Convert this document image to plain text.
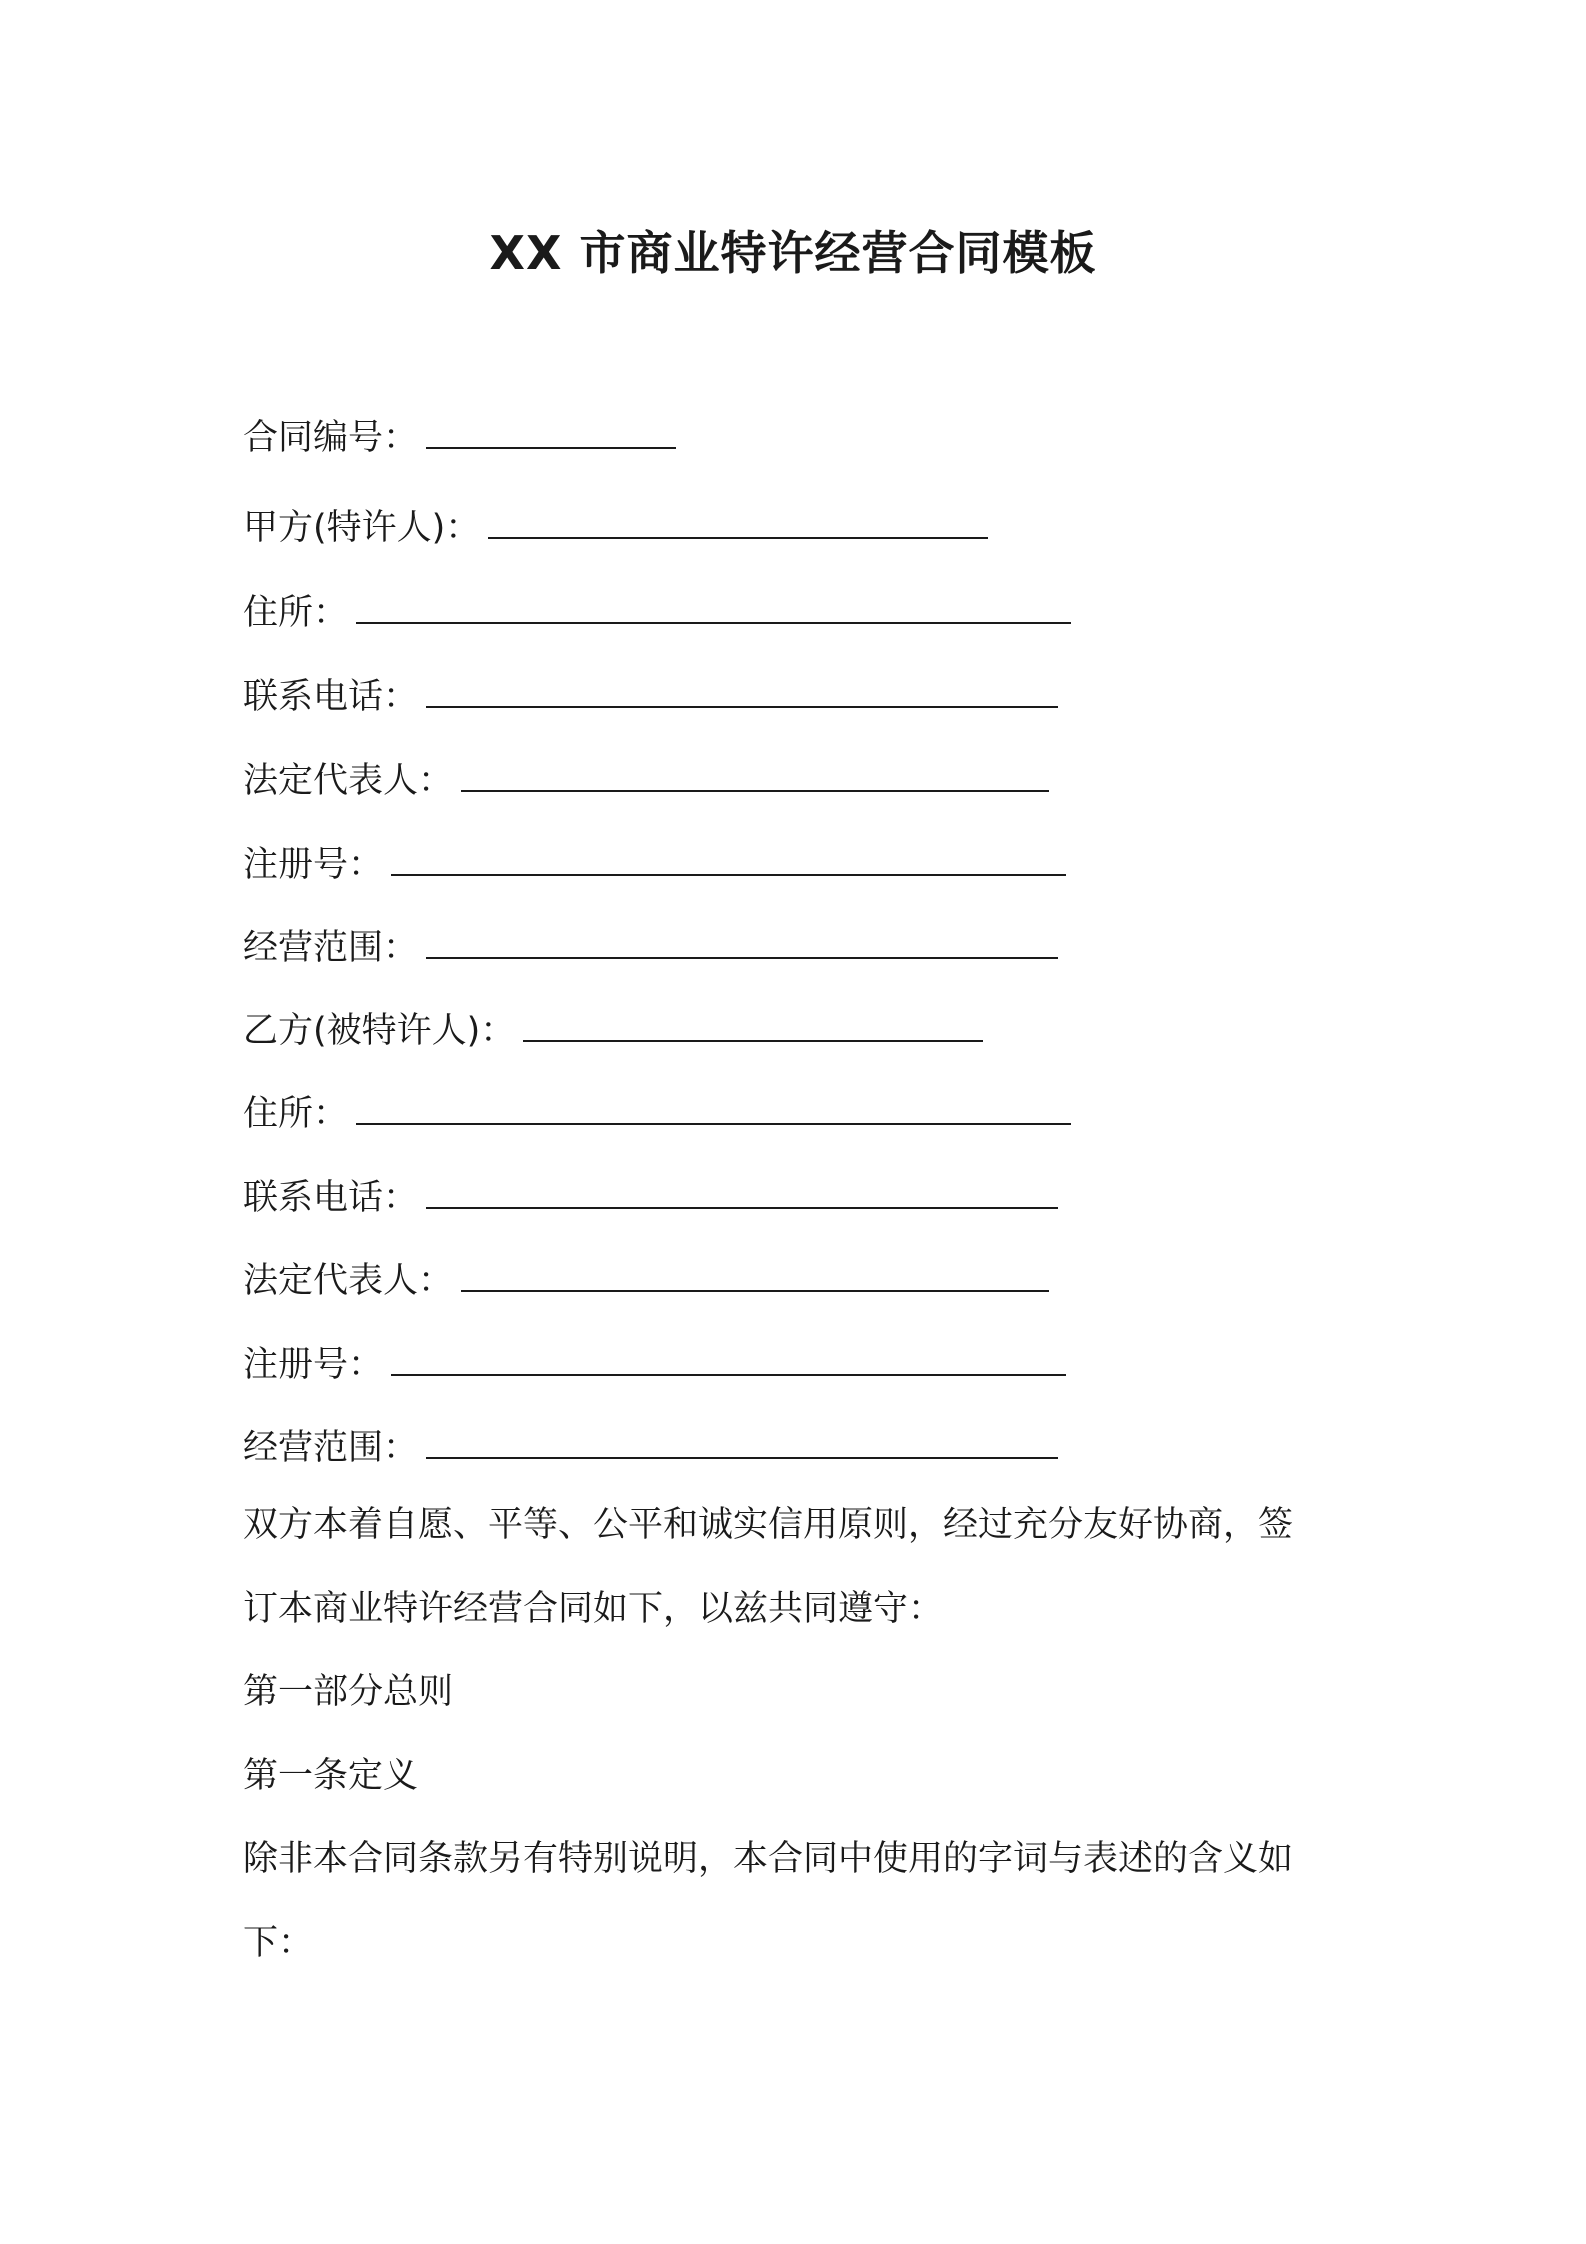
XX 市商业特许经营合同模板
合同编号：
甲方(特许人)：
住所：
联系电话：
法定代表人：
注册号：
经营范围：
乙方(被特许人)：
住所：
联系电话：
法定代表人：
注册号：
经营范围：
双方本着自愿、平等、公平和诚实信用原则，经过充分友好协商，签
订本商业特许经营合同如下，以兹共同遵守：
第一部分总则
第一条定义
除非本合同条款另有特别说明，本合同中使用的字词与表述的含义如
下：
